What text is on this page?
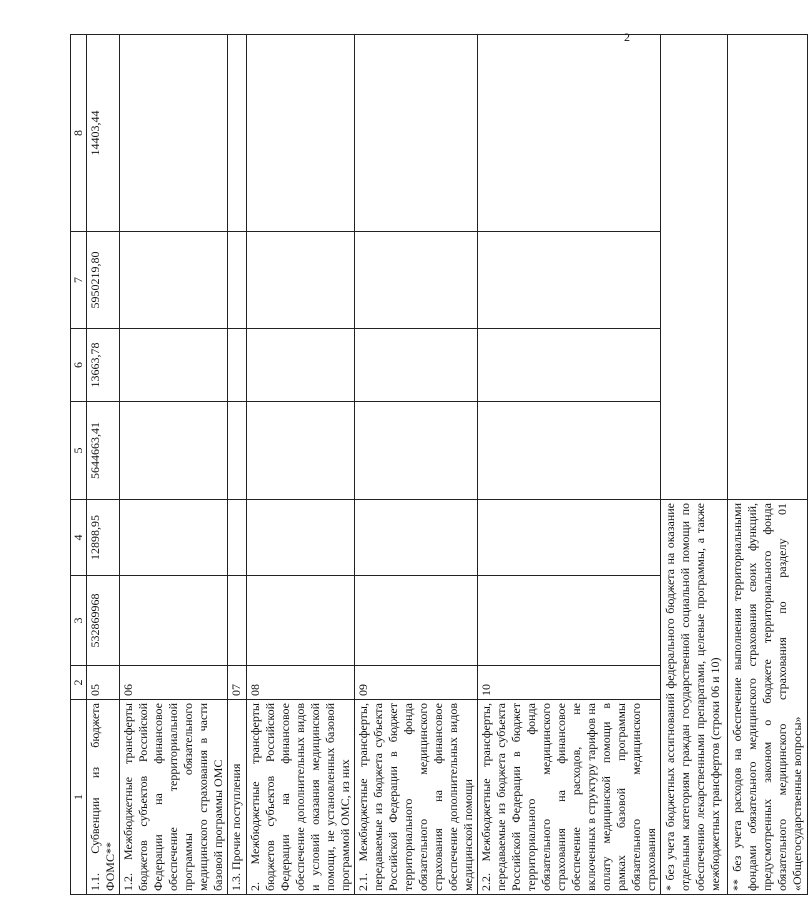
2
1	2	3	4	5	6	7	8
1.1. Субвенции из бюджета ФОМС**	05	532869968	12898,95	5644663,41	13663,78	5950219,80	14403,44
1.2. Межбюджетные трансферты бюджетов субъектов Российской Федерации на финансовое обеспечение территориальной программы обязательного медицинского страхования в части базовой программы ОМС	06						
1.3. Прочие поступления	07						
2. Межбюджетные трансферты бюджетов субъектов Российской Федерации на финансовое обеспечение дополнительных видов и условий оказания медицинской помощи, не установленных базовой программой ОМС, из них	08						
2.1. Межбюджетные трансферты, передаваемые из бюджета субъекта Российской Федерации в бюджет территориального фонда обязательного медицинского страхования на финансовое обеспечение дополнительных видов медицинской помощи	09						
2.2. Межбюджетные трансферты, передаваемые из бюджета субъекта Российской Федерации в бюджет территориального фонда обязательного медицинского страхования на финансовое обеспечение расходов, не включенных в структуру тарифов на оплату медицинской помощи в рамках базовой программы обязательного медицинского страхования	10						
* без учета бюджетных ассигнований федерального бюджета на оказание отдельным категориям граждан государственной социальной помощи по обеспечению лекарственными препаратами, целевые программы, а также межбюджетных трансфертов (строки 06 и 10)							
** без учета расходов на обеспечение выполнения территориальными фондами обязательного медицинского страхования своих функций, предусмотренных законом о бюджете территориального фонда обязательного медицинского страхования по разделу 01 «Общегосударственные вопросы»							
